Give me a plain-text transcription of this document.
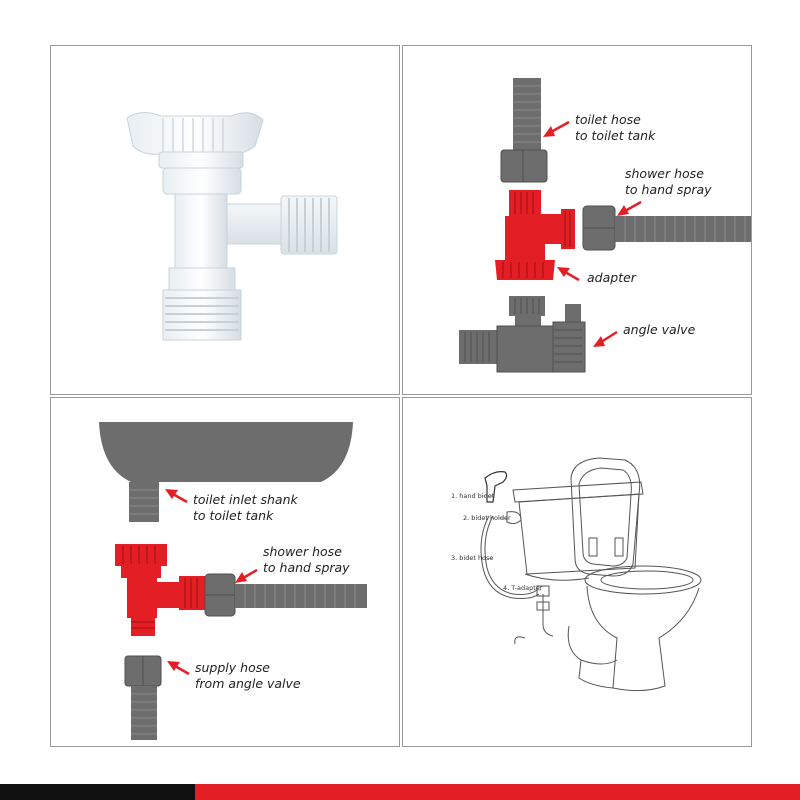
toilet hose
to toilet tank
shower hose
to hand spray
adapter
angle valve
toilet inlet shank
to toilet tank
shower hose
to hand spray
supply hose
from angle valve
1. hand bidet
2. bidet holder
3. bidet hose
4. T-adapter
